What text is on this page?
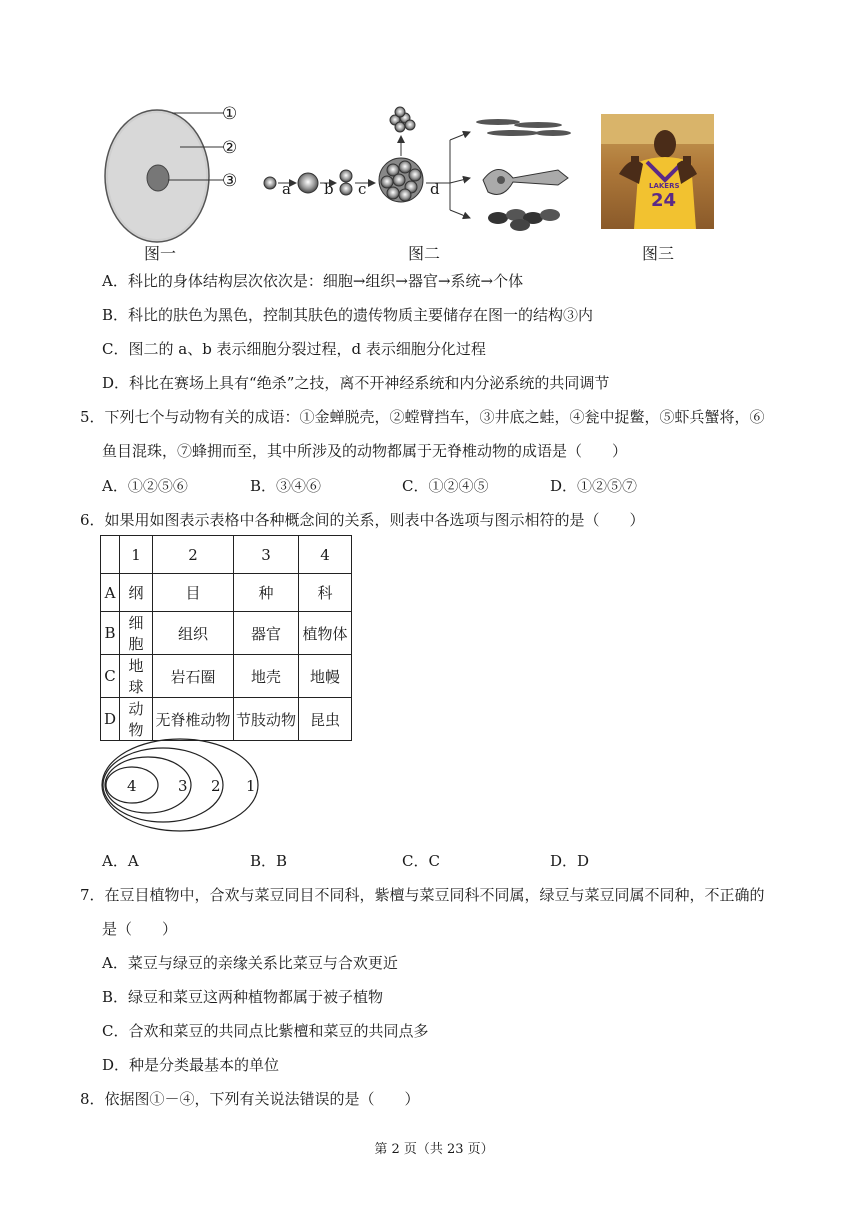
①
②
③
图一
a b c	d
图二
LAKERS
24
图三
A．科比的身体结构层次依次是：细胞→组织→器官→系统→个体
B．科比的肤色为黑色，控制其肤色的遗传物质主要储存在图一的结构③内
C．图二的 a、b 表示细胞分裂过程，d 表示细胞分化过程
D．科比在赛场上具有“绝杀”之技，离不开神经系统和内分泌系统的共同调节
5．下列七个与动物有关的成语：①金蝉脱壳，②螳臂挡车，③井底之蛙，④瓮中捉鳖，⑤虾兵蟹将，⑥
鱼目混珠，⑦蜂拥而至，其中所涉及的动物都属于无脊椎动物的成语是（　　）
A．①②⑤⑥	B．③④⑥	C．①②④⑤	D．①②⑤⑦
6．如果用如图表示表格中各种概念间的关系，则表中各选项与图示相符的是（　　）
	1	2	3	4
A	纲	目	种	科
B	细胞	组织	器官	植物体
C	地球	岩石圈	地壳	地幔
D	动物	无脊椎动物	节肢动物	昆虫
4	3 2 1
A．A	B．B	C．C	D．D
7．在豆目植物中，合欢与菜豆同目不同科，紫檀与菜豆同科不同属，绿豆与菜豆同属不同种，不正确的
是（　　）
A．菜豆与绿豆的亲缘关系比菜豆与合欢更近
B．绿豆和菜豆这两种植物都属于被子植物
C．合欢和菜豆的共同点比紫檀和菜豆的共同点多
D．种是分类最基本的单位
8．依据图①－④，下列有关说法错误的是（　　）
第 2 页（共 23 页）
